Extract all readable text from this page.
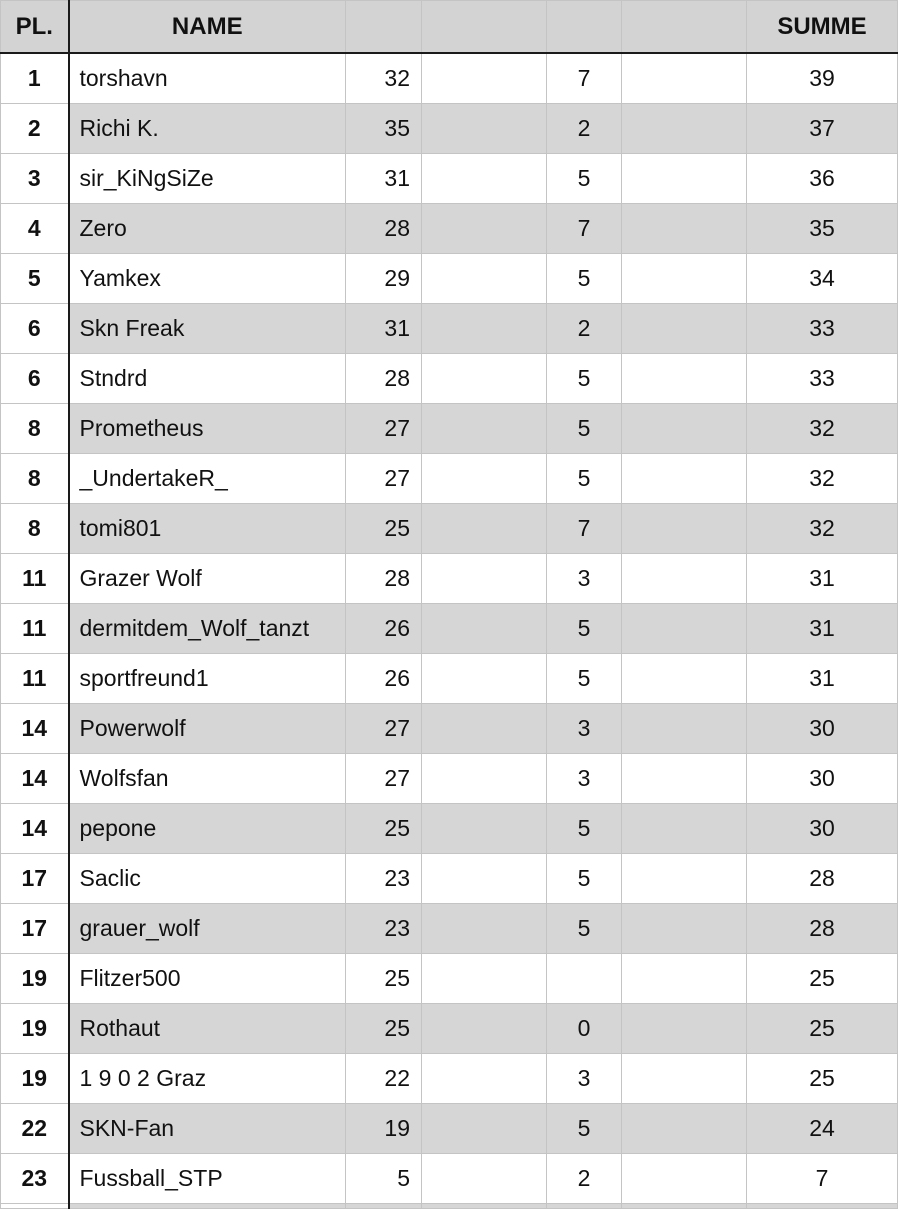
PL.	NAME					SUMME
1	torshavn	32		7		39
2	Richi K.	35		2		37
3	sir_KiNgSiZe	31		5		36
4	Zero	28		7		35
5	Yamkex	29		5		34
6	Skn Freak	31		2		33
6	Stndrd	28		5		33
8	Prometheus	27		5		32
8	_UndertakeR_	27		5		32
8	tomi801	25		7		32
11	Grazer Wolf	28		3		31
11	dermitdem_Wolf_tanzt	26		5		31
11	sportfreund1	26		5		31
14	Powerwolf	27		3		30
14	Wolfsfan	27		3		30
14	pepone	25		5		30
17	Saclic	23		5		28
17	grauer_wolf	23		5		28
19	Flitzer500	25				25
19	Rothaut	25		0		25
19	1 9 0 2 Graz	22		3		25
22	SKN-Fan	19		5		24
23	Fussball_STP	5		2		7
